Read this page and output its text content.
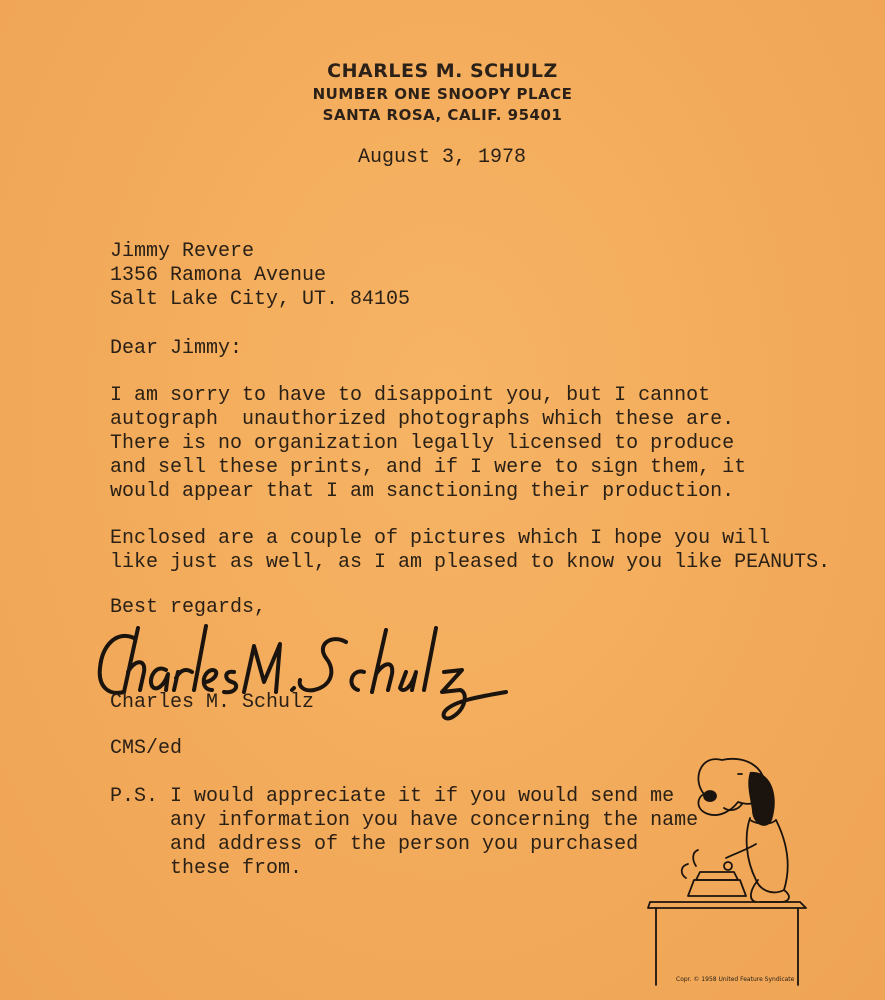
CHARLES M. SCHULZ
NUMBER ONE SNOOPY PLACE
SANTA ROSA, CALIF. 95401
August 3, 1978
Jimmy Revere
1356 Ramona Avenue
Salt Lake City, UT. 84105
Dear Jimmy:
I am sorry to have to disappoint you, but I cannot
autograph  unauthorized photographs which these are.
There is no organization legally licensed to produce
and sell these prints, and if I were to sign them, it
would appear that I am sanctioning their production.
Enclosed are a couple of pictures which I hope you will
like just as well, as I am pleased to know you like PEANUTS.
Best regards,
Charles M. Schulz
CMS/ed
P.S. I would appreciate it if you would send me
any information you have concerning the name
and address of the person you purchased
these from.
Copr. © 1958 United Feature Syndicate
